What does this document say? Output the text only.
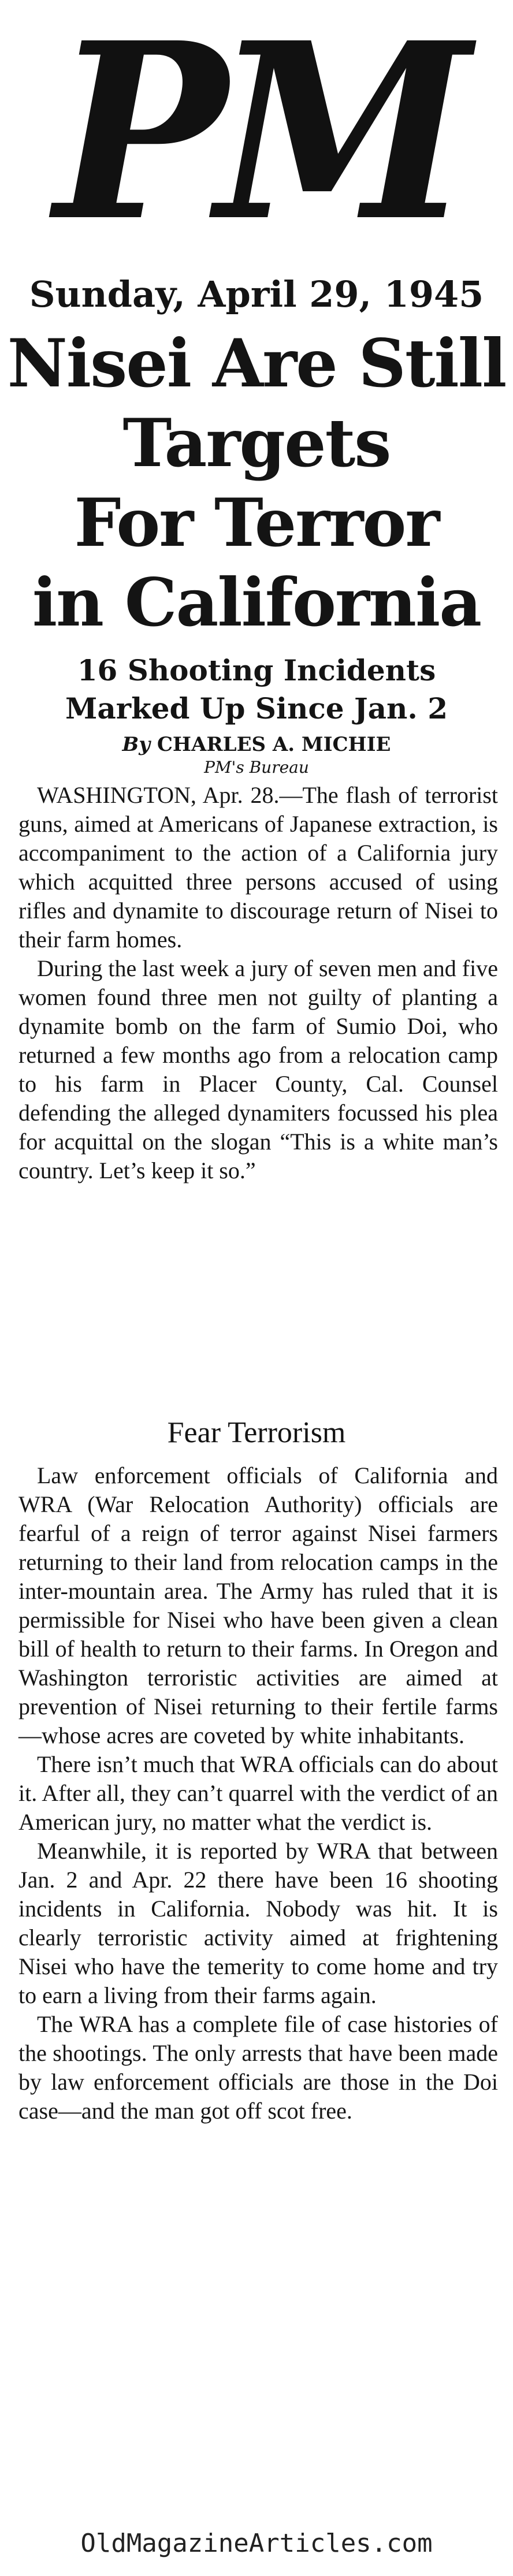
PM
Sunday, April 29, 1945
Nisei Are Still
Targets
For Terror
in California
16 Shooting Incidents
Marked Up Since Jan. 2
By CHARLES A. MICHIE
PM's Bureau

WASHINGTON, Apr. 28.—The flash of terrorist guns, aimed at Americans of Japanese extraction, is accompaniment to the action of a California jury which acquitted three persons accused of using rifles and dynamite to discourage return of Nisei to their farm homes.

During the last week a jury of seven men and five women found three men not guilty of planting a dynamite bomb on the farm of Sumio Doi, who returned a few months ago from a relocation camp to his farm in Placer County, Cal. Counsel defending the alleged dynamiters focussed his plea for acquittal on the slogan “This is a white man’s country. Let’s keep it so.”

Fear Terrorism

Law enforcement officials of California and WRA (War Relocation Authority) officials are fearful of a reign of terror against Nisei farmers returning to their land from relocation camps in the inter-mountain area. The Army has ruled that it is permissible for Nisei who have been given a clean bill of health to return to their farms. In Oregon and Washington terroristic activities are aimed at prevention of Nisei returning to their fertile farms —whose acres are coveted by white inhabitants.

There isn’t much that WRA officials can do about it. After all, they can’t quarrel with the verdict of an American jury, no matter what the verdict is.

Meanwhile, it is reported by WRA that between Jan. 2 and Apr. 22 there have been 16 shooting incidents in California. Nobody was hit. It is clearly terroristic activity aimed at frightening Nisei who have the temerity to come home and try to earn a living from their farms again.

The WRA has a complete file of case histories of the shootings. The only arrests that have been made by law enforcement officials are those in the Doi case—and the man got off scot free.

OldMagazineArticles.com
